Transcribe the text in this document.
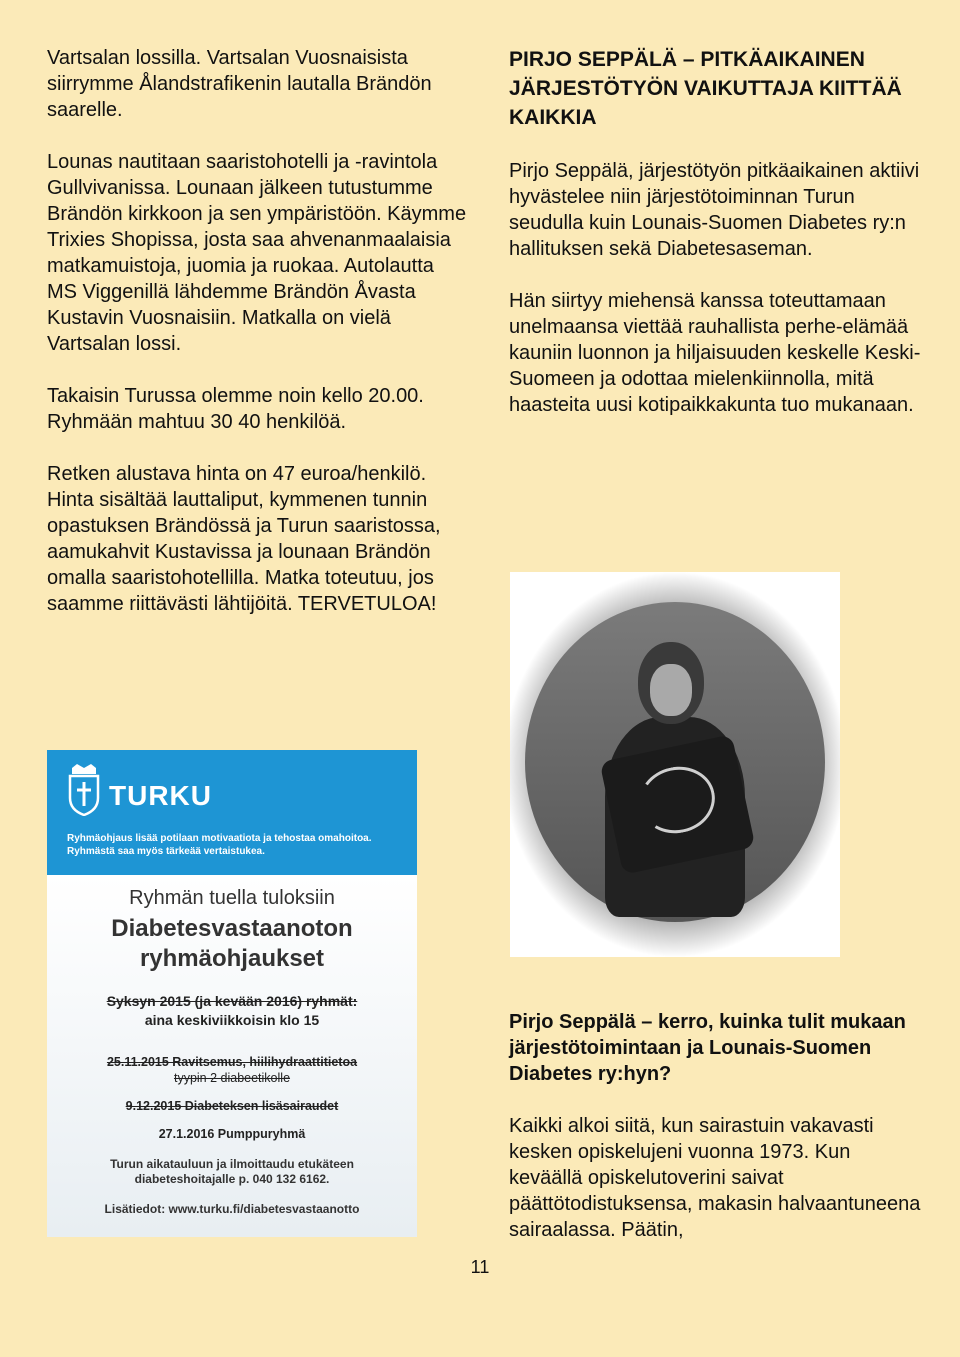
Vartsalan lossilla. Vartsalan Vuosnaisista siirrymme Ålandstrafikenin lautalla Brändön saarelle.

Lounas nautitaan saaristohotelli ja -ravintola Gullvivanissa. Lounaan jälkeen tutustumme Brändön kirkkoon ja sen ympäristöön. Käymme Trixies Shopissa, josta saa ahvenanmaalaisia matkamuistoja, juomia ja ruokaa. Autolautta MS Viggenillä lähdemme Brändön Åvasta Kustavin Vuosnaisiin. Matkalla on vielä Vartsalan lossi.

Takaisin Turussa olemme noin kello 20.00. Ryhmään mahtuu 30 40 henkilöä.

Retken alustava hinta on 47 euroa/henkilö. Hinta sisältää lauttaliput, kymmenen tunnin opastuksen Brändössä ja Turun saaristossa, aamukahvit Kustavissa ja lounaan Brändön omalla saaristohotellilla. Matka toteutuu, jos saamme riittävästi lähtijöitä. TERVETULOA!

PIRJO SEPPÄLÄ – PITKÄAIKAINEN JÄRJESTÖTYÖN VAIKUTTAJA KIITTÄÄ KAIKKIA

Pirjo Seppälä, järjestötyön pitkäaikainen aktiivi hyvästelee niin järjestötoiminnan Turun seudulla kuin Lounais-Suomen Diabetes ry:n hallituksen sekä Diabetesaseman.

Hän siirtyy miehensä kanssa toteuttamaan unelmaansa viettää rauhallista perhe-elämää kauniin luonnon ja hiljaisuuden keskelle Keski-Suomeen ja odottaa mielenkiinnolla, mitä haasteita uusi kotipaikkakunta tuo mukanaan.

Pirjo Seppälä – kerro, kuinka tulit mukaan järjestötoimintaan ja Lounais-Suomen Diabetes ry:hyn?

Kaikki alkoi siitä, kun sairastuin vakavasti kesken opiskelujeni vuonna 1973. Kun keväällä opiskelutoverini saivat päättötodistuksensa, makasin halvaantuneena sairaalassa. Päätin,

TURKU
Ryhmäohjaus lisää potilaan motivaatiota ja tehostaa omahoitoa. Ryhmästä saa myös tärkeää vertaistukea.
Ryhmän tuella tuloksiin
Diabetesvastaanoton
ryhmäohjaukset
Syksyn 2015 (ja kevään 2016) ryhmät:
aina keskiviikkoisin klo 15
25.11.2015 Ravitsemus, hiilihydraattitietoa
tyypin 2 diabeetikolle
9.12.2015 Diabeteksen lisäsairaudet
27.1.2016 Pumppuryhmä
Turun aikatauluun ja ilmoittaudu etukäteen
diabeteshoitajalle p. 040 132 6162.
Lisätiedot: www.turku.fi/diabetesvastaanotto
11
